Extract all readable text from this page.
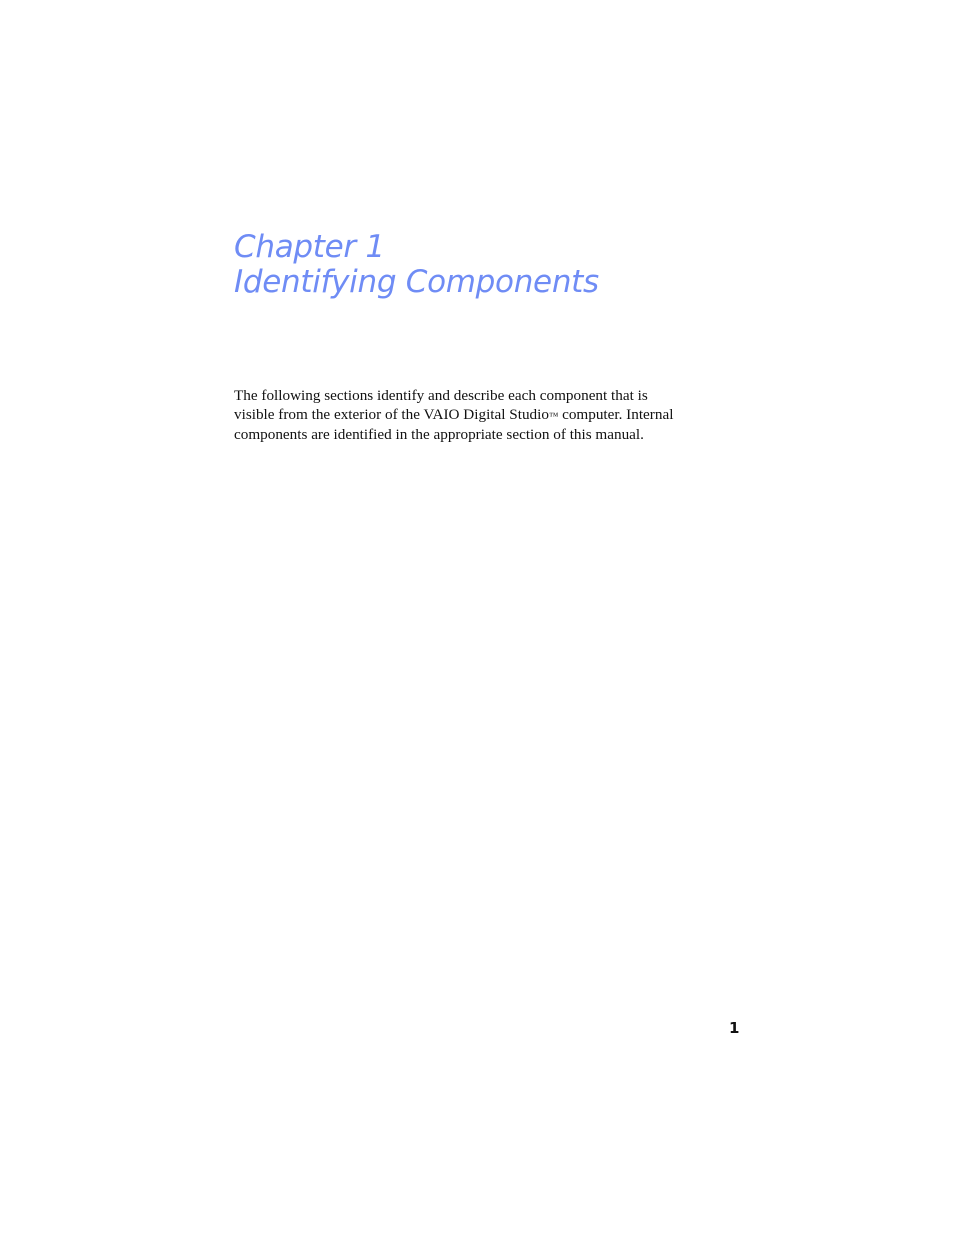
Chapter 1
Identifying Components

The following sections identify and describe each component that is
visible from the exterior of the VAIO Digital Studio™ computer. Internal
components are identified in the appropriate section of this manual.

1
